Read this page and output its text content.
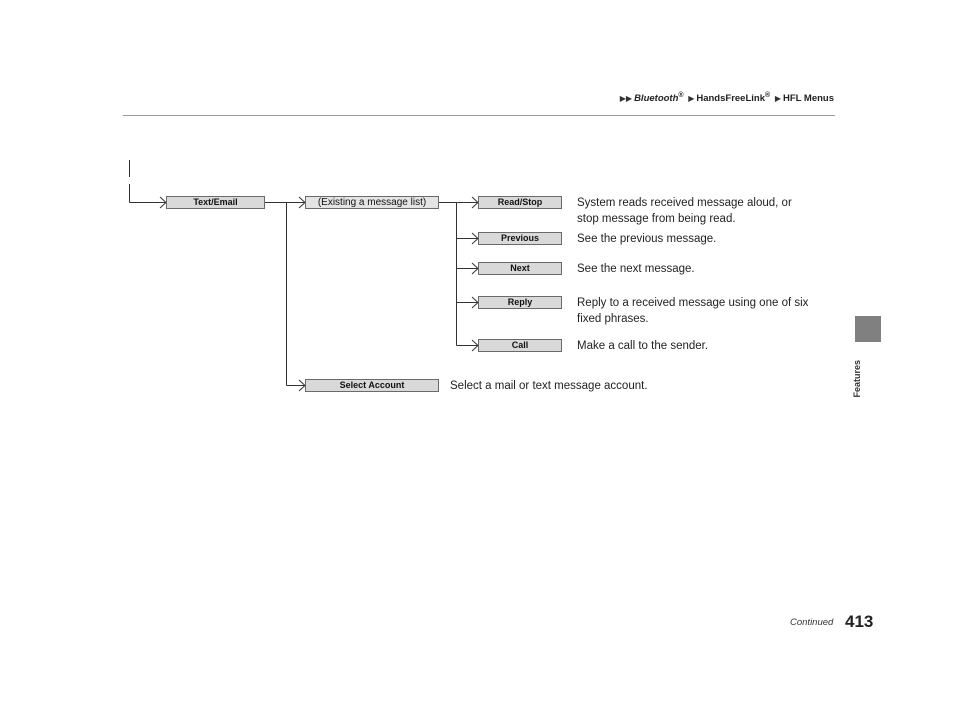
▶▶ Bluetooth® ▶ HandsFreeLink® ▶ HFL Menus
Features
Text/Email	(Existing a message list)
Select Account	Select a mail or text message account.
Read/Stop	System reads received message aloud, or
stop message from being read.
Previous	See the previous message.
Next	See the next message.
Reply	Reply to a received message using one of six
fixed phrases.
Call	Make a call to the sender.
Continued 413
